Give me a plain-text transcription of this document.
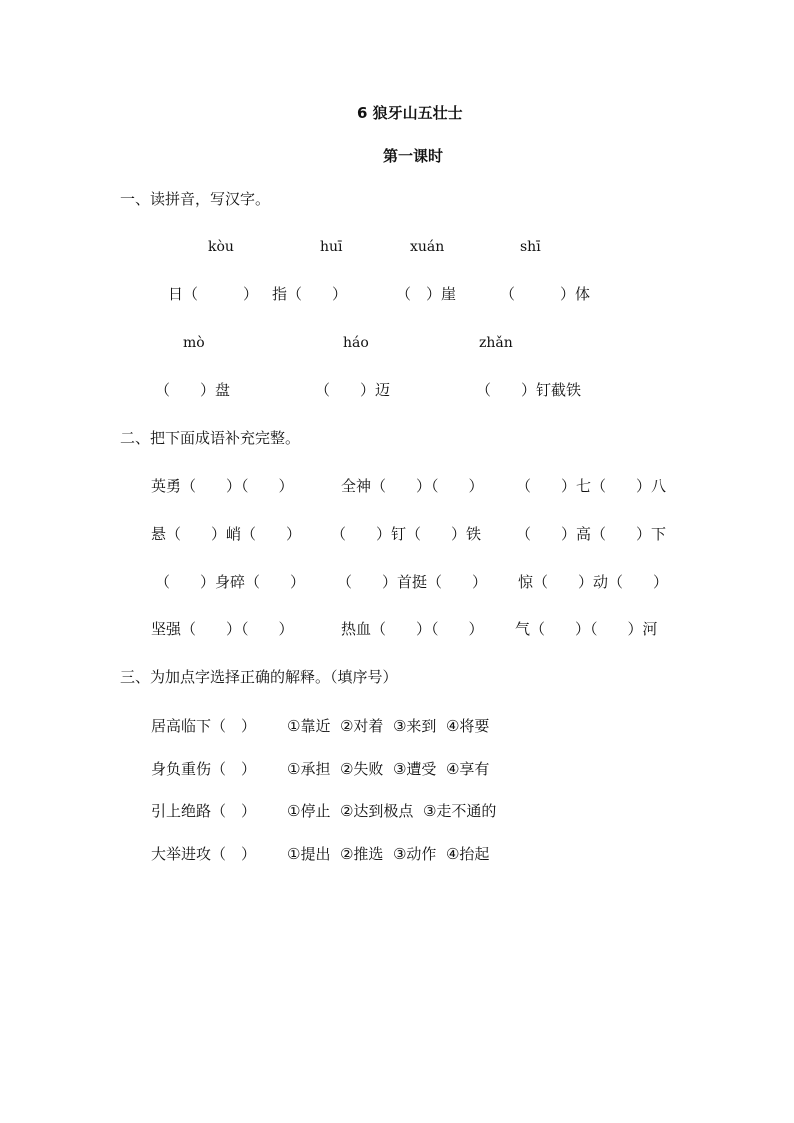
6 狼牙山五壮士
第一课时
一、读拼音，写汉字。
kòu	huī	xuán	shī
日（　　　） 指（　　）	（　）崖	（　　　）体
mò	háo	zhǎn
（　　）盘	（　　）迈	（　　）钉截铁
二、把下面成语补充完整。
英勇（　　）（　　）	全神（　　）（　　） （　　）七（　　）八
悬（　　）峭（　　） （　　）钉（　　）铁 （　　）高（　　）下
（　　）身碎（　　） （　　）首挺（　　） 惊（　　）动（　　）
坚强（　　）（　　）	热血（　　）（　　） 气（　　）（　　）河
三、为加点字选择正确的解释。（填序号）
居高临下（　） ①靠近  ②对着  ③来到  ④将要
身负重伤（　） ①承担  ②失败  ③遭受  ④享有
引上绝路（　） ①停止  ②达到极点  ③走不通的
大举进攻（　） ①提出  ②推选  ③动作  ④抬起
